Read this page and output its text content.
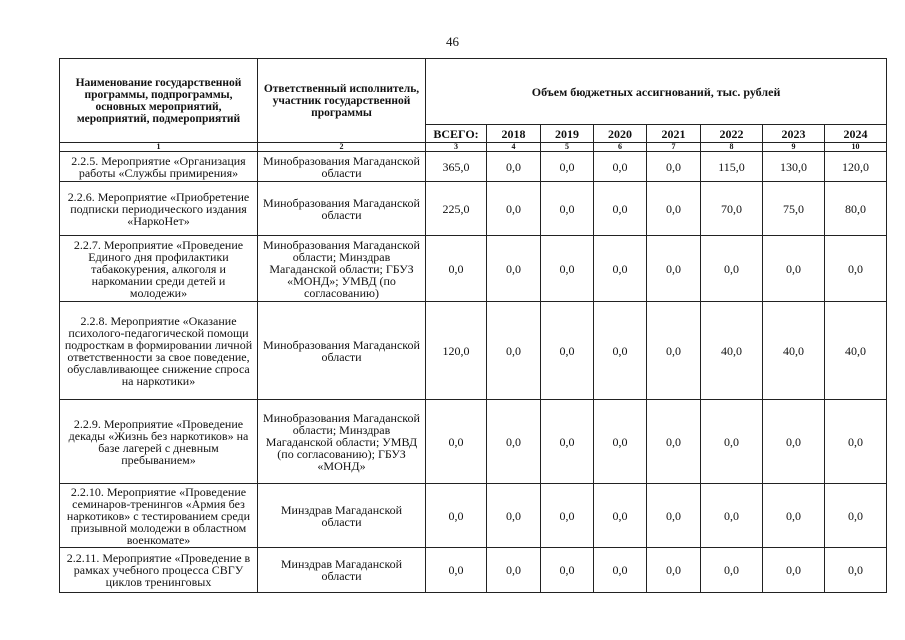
46
Наименование государственной программы, подпрограммы, основных мероприятий, мероприятий, подмероприятий	Ответственный исполнитель, участник государственной программы	Объем бюджетных ассигнований, тыс. рублей							
		ВСЕГО:	2018	2019	2020	2021	2022	2023	2024
1	2	3	4	5	6	7	8	9	10
2.2.5. Мероприятие «Организация работы «Службы примирения»	Минобразования Магаданской области	365,0	0,0	0,0	0,0	0,0	115,0	130,0	120,0
2.2.6. Мероприятие «Приобретение подписки периодического издания «НаркоНет»	Минобразования Магаданской области	225,0	0,0	0,0	0,0	0,0	70,0	75,0	80,0
2.2.7. Мероприятие «Проведение Единого дня профилактики табакокурения, алкоголя и наркомании среди детей и молодежи»	Минобразования Магаданской области; Минздрав Магаданской области; ГБУЗ «МОНД»; УМВД (по согласованию)	0,0	0,0	0,0	0,0	0,0	0,0	0,0	0,0
2.2.8. Мероприятие «Оказание психолого-педагогической помощи подросткам в формировании личной ответственности за свое поведение, обуславливающее снижение спроса на наркотики»	Минобразования Магаданской области	120,0	0,0	0,0	0,0	0,0	40,0	40,0	40,0
2.2.9. Мероприятие «Проведение декады «Жизнь без наркотиков» на базе лагерей с дневным пребыванием»	Минобразования Магаданской области; Минздрав Магаданской области; УМВД (по согласованию); ГБУЗ «МОНД»	0,0	0,0	0,0	0,0	0,0	0,0	0,0	0,0
2.2.10. Мероприятие «Проведение семинаров-тренингов «Армия без наркотиков» с тестированием среди призывной молодежи в областном военкомате»	Минздрав Магаданской области	0,0	0,0	0,0	0,0	0,0	0,0	0,0	0,0
2.2.11. Мероприятие «Проведение в рамках учебного процесса СВГУ циклов тренинговых	Минздрав Магаданской области	0,0	0,0	0,0	0,0	0,0	0,0	0,0	0,0
